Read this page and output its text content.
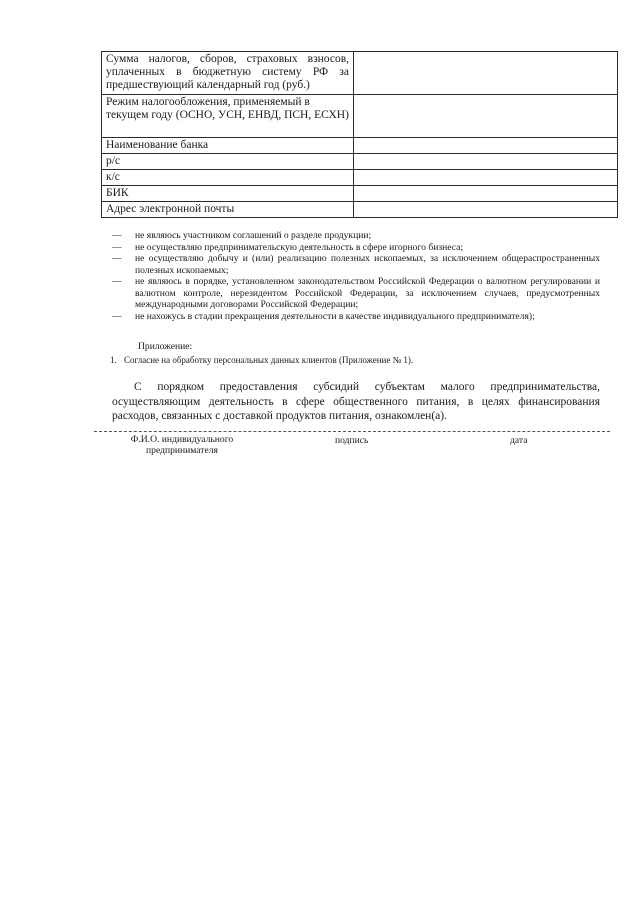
Сумма налогов, сборов, страховых взносов, уплаченных в бюджетную систему РФ за предшествующий календарный год (руб.)	
Режим налогообложения, применяемый в текущем году (ОСНО, УСН, ЕНВД, ПСН, ЕСХН)	
Наименование банка	
р/с	
к/с	
БИК	
Адрес электронной почты	
— не являюсь участником соглашений о разделе продукции;
— не осуществляю предпринимательскую деятельность в сфере игорного бизнеса;
— не осуществляю добычу и (или) реализацию полезных ископаемых, за исключением общераспространенных полезных ископаемых;
— не являюсь в порядке, установленном законодательством Российской Федерации о валютном регулировании и валютном контроле, нерезидентом Российской Федерации, за исключением случаев, предусмотренных международными договорами Российской Федерации;
— не нахожусь в стадии прекращения деятельности в качестве индивидуального предпринимателя);
Приложение:
1. Согласие на обработку персональных данных клиентов (Приложение № 1).
С порядком предоставления субсидий субъектам малого предпринимательства, осуществляющим деятельность в сфере общественного питания, в целях финансирования расходов, связанных с доставкой продуктов питания, ознакомлен(а).
Ф.И.О. индивидуального предпринимателя
подпись	дата
